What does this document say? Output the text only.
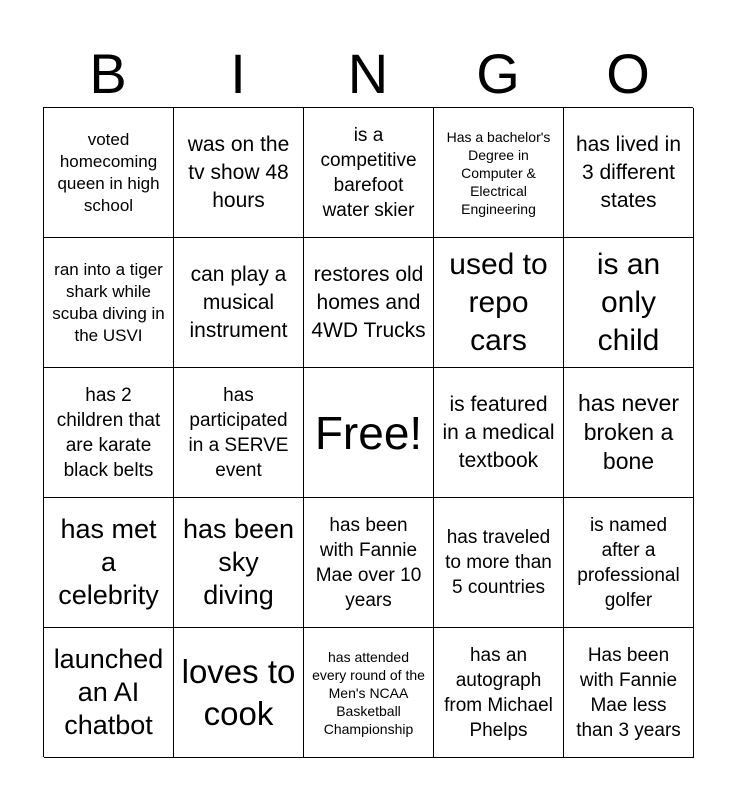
B	I	N	G	O
voted homecoming queen in high school
was on the tv show 48 hours
is a competitive barefoot water skier
Has a bachelor's Degree in Computer & Electrical Engineering
has lived in 3 different states
ran into a tiger shark while scuba diving in the USVI
can play a musical instrument
restores old homes and 4WD Trucks
used to repo cars
is an only child
has 2 children that are karate black belts
has participated in a SERVE event
Free!
is featured in a medical textbook
has never broken a bone
has met a celebrity
has been sky diving
has been with Fannie Mae over 10 years
has traveled to more than 5 countries
is named after a professional golfer
launched an AI chatbot
loves to cook
has attended every round of the Men's NCAA Basketball Championship
has an autograph from Michael Phelps
Has been with Fannie Mae less than 3 years
